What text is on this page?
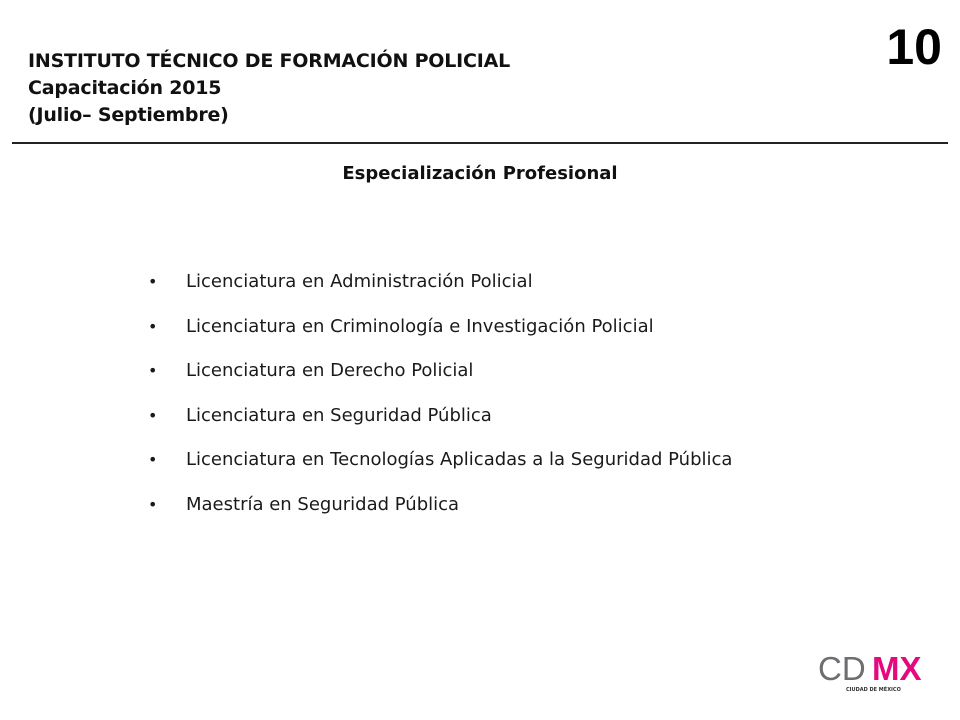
INSTITUTO TÉCNICO DE FORMACIÓN POLICIAL
Capacitación 2015
(Julio– Septiembre)
10
Especialización Profesional
• Licenciatura en Administración Policial
• Licenciatura en Criminología e Investigación Policial
• Licenciatura en Derecho Policial
• Licenciatura en Seguridad Pública
• Licenciatura en Tecnologías Aplicadas a la Seguridad Pública
• Maestría en Seguridad Pública
CD MX
CIUDAD DE MÉXICO
